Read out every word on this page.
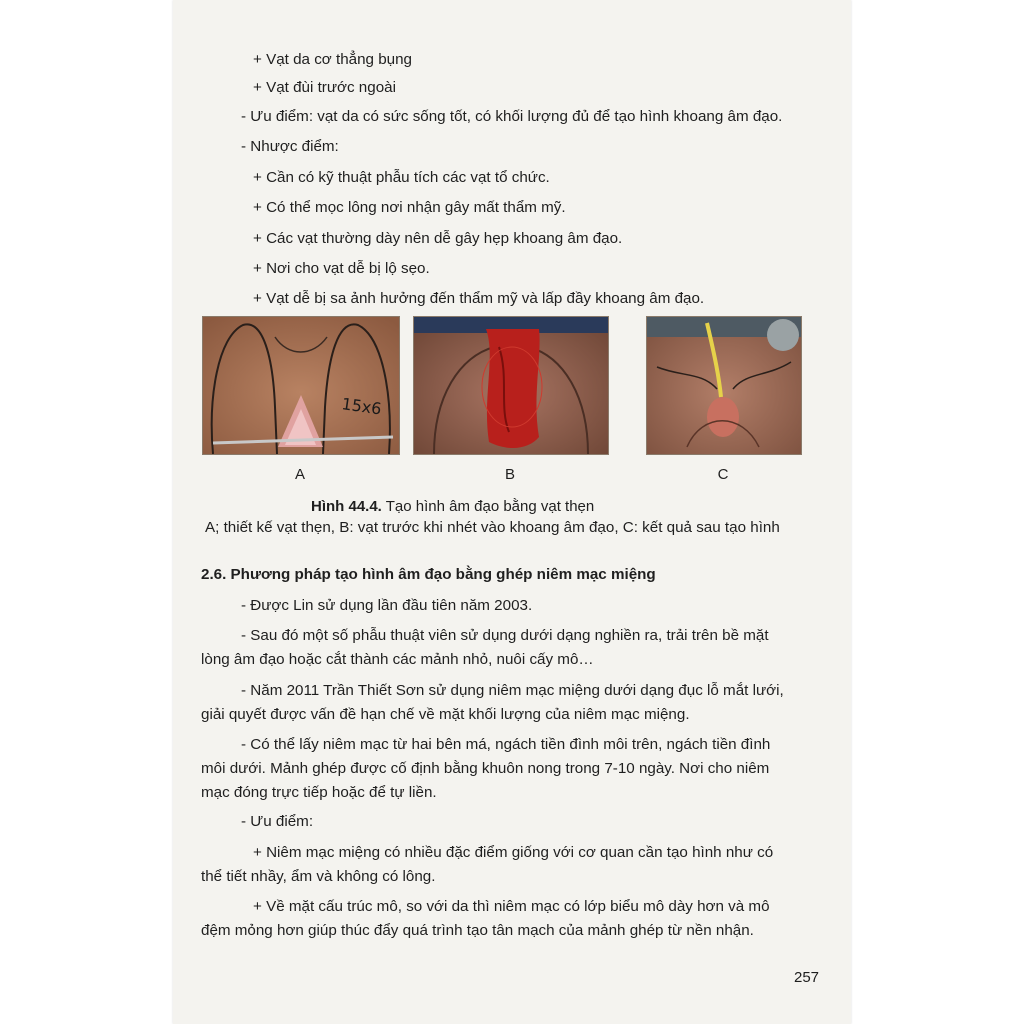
+ Vạt da cơ thẳng bụng
+ Vạt đùi trước ngoài
- Ưu điểm: vạt da có sức sống tốt, có khối lượng đủ để tạo hình khoang âm đạo.
- Nhược điểm:
+ Cần có kỹ thuật phẫu tích các vạt tổ chức.
+ Có thể mọc lông nơi nhận gây mất thẩm mỹ.
+ Các vạt thường dày nên dễ gây hẹp khoang âm đạo.
+ Nơi cho vạt dễ bị lộ sẹo.
+ Vạt dễ bị sa ảnh hưởng đến thẩm mỹ và lấp đầy khoang âm đạo.
15x6
A	B	C
Hình 44.4. Tạo hình âm đạo bằng vạt thẹn
A; thiết kế vạt thẹn, B: vạt trước khi nhét vào khoang âm đạo, C: kết quả sau tạo hình
2.6. Phương pháp tạo hình âm đạo bằng ghép niêm mạc miệng
- Được Lin sử dụng lần đầu tiên năm 2003.
- Sau đó một số phẫu thuật viên sử dụng dưới dạng nghiền ra, trải trên bề mặt
lòng âm đạo hoặc cắt thành các mảnh nhỏ, nuôi cấy mô…
- Năm 2011 Trần Thiết Sơn sử dụng niêm mạc miệng dưới dạng đục lỗ mắt lưới,
giải quyết được vấn đề hạn chế về mặt khối lượng của niêm mạc miệng.
- Có thể lấy niêm mạc từ hai bên má, ngách tiền đình môi trên, ngách tiền đình
môi dưới. Mảnh ghép được cố định bằng khuôn nong trong 7-10 ngày. Nơi cho niêm
mạc đóng trực tiếp hoặc để tự liền.
- Ưu điểm:
+ Niêm mạc miệng có nhiều đặc điểm giống với cơ quan cần tạo hình như có
thể tiết nhầy, ẩm và không có lông.
+ Về mặt cấu trúc mô, so với da thì niêm mạc có lớp biểu mô dày hơn và mô
đệm mỏng hơn giúp thúc đẩy quá trình tạo tân mạch của mảnh ghép từ nền nhận.
257
